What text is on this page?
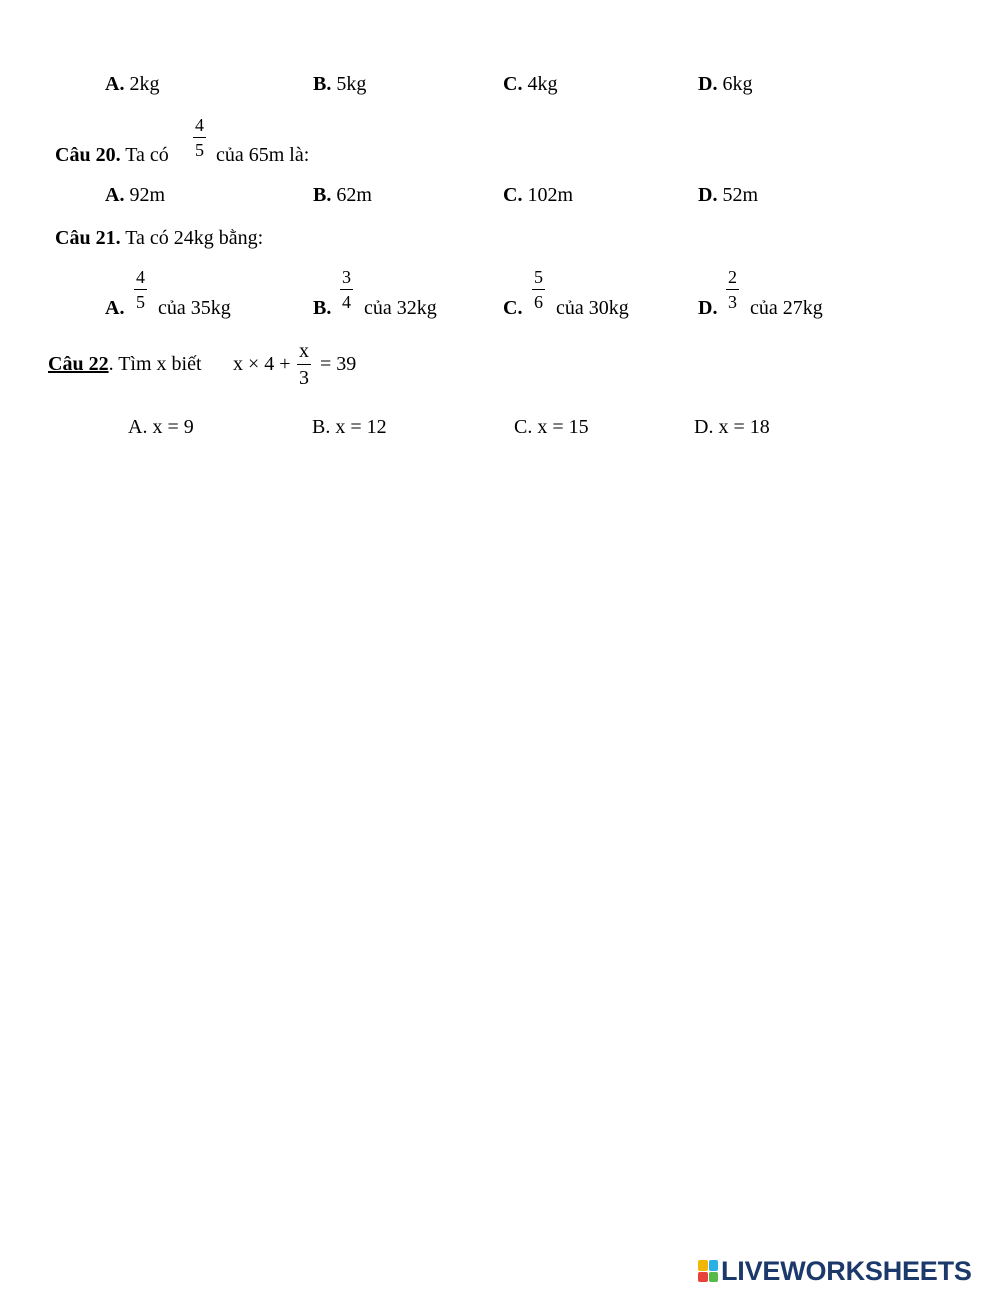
A. 2kg	B. 5kg	C. 4kg	D. 6kg
Câu 20. Ta có
4
5 của 65m là:
A. 92m	B. 62m	C. 102m	D. 52m
Câu 21. Ta có 24kg bằng:
A.
4
5 của 35kg	B.
3
4 của 32kg	C.
5
6 của 30kg	D.
2
3 của 27kg
Câu 22. Tìm x biết x × 4 +
x
3
= 39
A. x = 9	B. x = 12	C. x = 15	D. x = 18
LIVEWORKSHEETS
